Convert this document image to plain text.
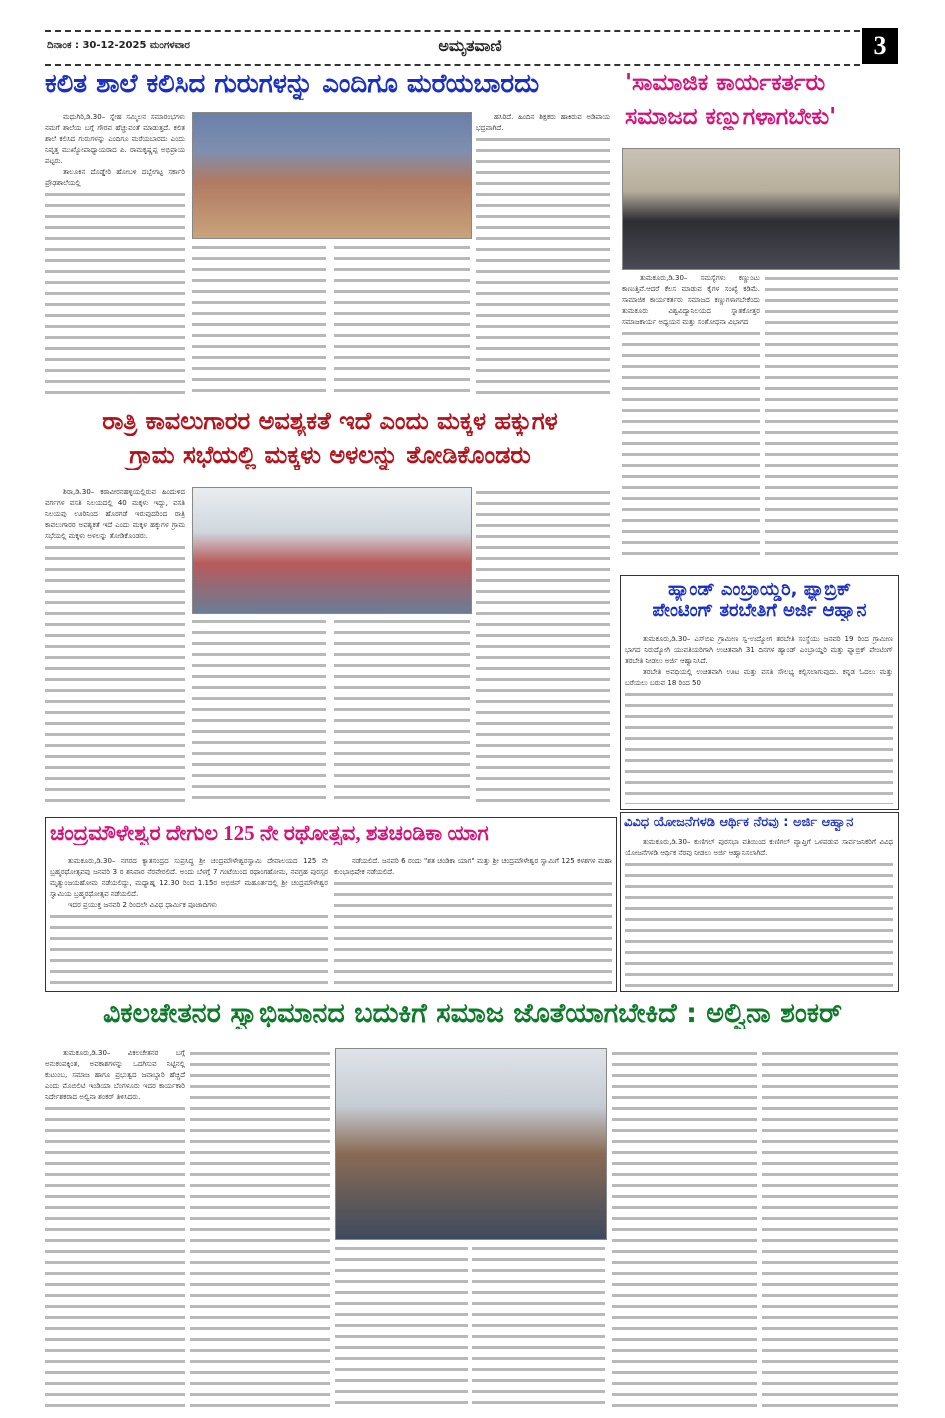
ದಿನಾಂಕ : 30-12-2025 ಮಂಗಳವಾರ	ಅಮೃತವಾಣಿ	3
ಕಲಿತ ಶಾಲೆ ಕಲಿಸಿದ ಗುರುಗಳನ್ನು ಎಂದಿಗೂ ಮರೆಯಬಾರದು

ಮಧುಗಿರಿ,ಡಿ.30– ಸ್ನೇಹ ಸಮ್ಮಿಲನ ಸಮಾರಂಭಗಳು ನಮಗೆ ಶಾಲೆಯ ಬಗ್ಗೆ ಗೌರವ ಹೆಚ್ಚುವಂತೆ ಮಾಡುತ್ತದೆ. ಕಲಿತ ಶಾಲೆ ಕಲಿಸಿದ ಗುರುಗಳನ್ನು ಎಂದಿಗೂ ಮರೆಯಬಾರದು ಎಂದು ನಿವೃತ್ತ ಮುಖ್ಯೋಪಾಧ್ಯಾಯರಾದ ಪಿ. ರಾಮಕೃಷ್ಣಪ್ಪ ಅಭಿಪ್ರಾಯ ಪಟ್ಟರು.

ತಾಲೂಕಿನ ದೊಡ್ಡೇರಿ ಹೋಬಳಿ ದಬ್ಬೇಗಟ್ಟ ಸರ್ಕಾರಿ ಪ್ರೌಢಶಾಲೆಯಲ್ಲಿ

ಹಸಿರಿದೆ. ಹಿಂದಿನ ಶಿಕ್ಷಕರು ಹಾಕಿರುವ ಅಡಿಪಾಯ ಭದ್ರವಾಗಿದೆ.

'ಸಾಮಾಜಿಕ ಕಾರ್ಯಕರ್ತರು
ಸಮಾಜದ ಕಣ್ಣುಗಳಾಗಬೇಕು'

ತುಮಕೂರು,ಡಿ.30– ಸಮಸ್ಯೆಗಳು ಕಣ್ಣುಂಟು ಕಾಣುತ್ತಿವೆ.ಆದರೆ ಕೆಲಸ ಮಾಡುವ ಕೈಗಳ ಸಂಖ್ಯೆ ಕಡಿಮೆ. ಸಾಮಾಜಿಕ ಕಾರ್ಯಕರ್ತರು ಸಮಾಜದ ಕಣ್ಣುಗಳಾಗಬೇಕೆಂದು ತುಮಕೂರು ವಿಶ್ವವಿದ್ಯಾನಿಲಯದ ಸ್ನಾತಕೋತ್ತರ ಸಮಾಜಕಾರ್ಯ ಅಧ್ಯಯನ ಮತ್ತು ಸಂಶೋಧನಾ ವಿಭಾಗದ

ರಾತ್ರಿ ಕಾವಲುಗಾರರ ಅವಶ್ಯಕತೆ ಇದೆ ಎಂದು ಮಕ್ಕಳ ಹಕ್ಕುಗಳ
ಗ್ರಾಮ ಸಭೆಯಲ್ಲಿ ಮಕ್ಕಳು ಅಳಲನ್ನು ತೋಡಿಕೊಂಡರು

ಶಿರಾ,ಡಿ.30– ಕಠಾವೀರನಹಳ್ಳಿಯಲ್ಲಿರುವ ಹಿಂದುಳಿದ ವರ್ಗಗಳ ವಸತಿ ನಿಲಯದಲ್ಲಿ 40 ಮಕ್ಕಳು ಇದ್ದು, ವಸತಿ ನಿಲಯವು ಊರಿನಿಂದ ಹೊರಗಡೆ ಇರುವುದರಿಂದ ರಾತ್ರಿ ಕಾವಲುಗಾರರ ಅವಶ್ಯಕತೆ ಇದೆ ಎಂದು ಮಕ್ಕಳ ಹಕ್ಕುಗಳ ಗ್ರಾಮ ಸಭೆಯಲ್ಲಿ ಮಕ್ಕಳು ಅಳಲನ್ನು ತೋಡಿಕೊಂಡರು.

ಹ್ಯಾಂಡ್ ಎಂಬ್ರಾಯ್ಡರಿ, ಫ್ಯಾಬ್ರಿಕ್
ಪೇಂಟಿಂಗ್ ತರಬೇತಿಗೆ ಅರ್ಜಿ ಆಹ್ವಾನ

ತುಮಕೂರು,ಡಿ.30– ಎಸ್‌ಬಿಐ ಗ್ರಾಮೀಣ ಸ್ವ-ಉದ್ಯೋಗ ತರಬೇತಿ ಸಂಸ್ಥೆಯು ಜನವರಿ 19 ರಿಂದ ಗ್ರಾಮೀಣ ಭಾಗದ ನಿರುದ್ಯೋಗಿ ಯುವತಿಯರಿಗಾಗಿ ಉಚಿತವಾಗಿ 31 ದಿನಗಳ ಹ್ಯಾಂಡ್ ಎಂಬ್ರಾಯ್ಡರಿ ಮತ್ತು ಫ್ಯಾಬ್ರಿಕ್ ಪೇಂಟಿಂಗ್ ತರಬೇತಿ ನೀಡಲು ಅರ್ಜಿ ಆಹ್ವಾನಿಸಿದೆ.

ತರಬೇತಿ ಅವಧಿಯಲ್ಲಿ ಉಚಿತವಾಗಿ ಊಟ ಮತ್ತು ವಸತಿ ಸೌಲಭ್ಯ ಕಲ್ಪಿಸಲಾಗುವುದು. ಕನ್ನಡ ಓದಲು ಮತ್ತು ಬರೆಯಲು ಬರುವ 18 ರಿಂದ 50

ವಿವಿಧ ಯೋಜನೆಗಳಡಿ ಆರ್ಥಿಕ ನೆರವು : ಅರ್ಜಿ ಆಹ್ವಾನ

ತುಮಕೂರು,ಡಿ.30– ಕುಣಿಗಲ್ ಪುರಸಭಾ ವತಿಯಿಂದ ಕುಣಿಗಲ್ ವ್ಯಾಪ್ತಿಗೆ ಒಳಪಡುವ ಸಾರ್ವಜನಿಕರಿಗೆ ವಿವಿಧ ಯೋಜನೆಗಳಡಿ ಆರ್ಥಿಕ ನೆರವು ನೀಡಲು ಅರ್ಜಿ ಆಹ್ವಾನಿಸಲಾಗಿದೆ.

ಚಂದ್ರಮೌಳೇಶ್ವರ ದೇಗುಲ 125 ನೇ ರಥೋತ್ಸವ, ಶತಚಂಡಿಕಾ ಯಾಗ

ತುಮಕೂರು,ಡಿ.30– ನಗರದ ಕ್ಯಾತಸಂದ್ರದ ಸುಪ್ರಸಿದ್ಧ ಶ್ರೀ ಚಂದ್ರಮೌಳೇಶ್ವರಸ್ವಾಮಿ ದೇವಾಲಯದ 125 ನೇ ಬ್ರಹ್ಮರಥೋತ್ಸವವು ಜನವರಿ 3 ರ ಶನಿವಾರ ನೆರವೇರಲಿದೆ. ಅಂದು ಬೆಳಗ್ಗೆ 7 ಗಂಟೆಯಿಂದ ರಥಾಂಗಹೋಮ, ನವಗ್ರಹ ಪುರಸ್ಸರ ಮೃತ್ಯುಂಜಯಹೋಮ ನಡೆಯಲಿದ್ದು, ಮಧ್ಯಾಹ್ನ 12.30 ರಿಂದ 1.15ರ ಅಭಿಜಿನ್ ಮಹೂರ್ತದಲ್ಲಿ ಶ್ರೀ ಚಂದ್ರಮೌಳೇಶ್ವರ ಸ್ವಾಮಿಯ ಬ್ರಹ್ಮರಥೋತ್ಸವ ನಡೆಯಲಿದೆ.

ಇದರ ಪ್ರಯುಕ್ತ ಜನವರಿ 2 ರಿಂದಲೇ ವಿವಿಧ ಧಾರ್ಮಿಕ ಪೂಜಾದಿಗಳು

ನಡೆಯಲಿದೆ. ಜನವರಿ 6 ರಂದು "ಶತ ಚಂಡಿಕಾ ಯಾಗ" ಮತ್ತು ಶ್ರೀ ಚಂದ್ರಮೌಳೇಶ್ವರ ಸ್ವಾಮಿಗೆ 125 ಕಳಶಗಳ ಮಹಾ ಕುಂಭಾಭಿಷೇಕ ನಡೆಯಲಿದೆ.

ವಿಕಲಚೇತನರ ಸ್ವಾಭಿಮಾನದ ಬದುಕಿಗೆ ಸಮಾಜ ಜೊತೆಯಾಗಬೇಕಿದೆ : ಅಲ್ವಿನಾ ಶಂಕರ್

ತುಮಕೂರು,ಡಿ.30– ವಿಕಲಚೇತನರ ಬಗ್ಗೆ ಅನುಕಂಪಕ್ಕಿಂತ, ಅವಕಾಶಗಳನ್ನು ಒದಗಿಸುವ ನಿಟ್ಟಿನಲ್ಲಿ ಕುಟುಂಬ, ಸಮಾಜ ಹಾಗೂ ಪ್ರಭುತ್ವದ ಜವಾಬ್ದಾರಿ ಹೆಚ್ಚಿದೆ ಎಂದು ಮೊಬಿಲಿಟಿ ಇಂಡಿಯಾ ಬೆಂಗಳೂರು ಇದರ ಕಾರ್ಯಕಾರಿ ನಿರ್ದೇಶಕರಾದ ಅಲ್ವಿನಾ ಶಂಕರ್ ತಿಳಿಸಿದರು.
